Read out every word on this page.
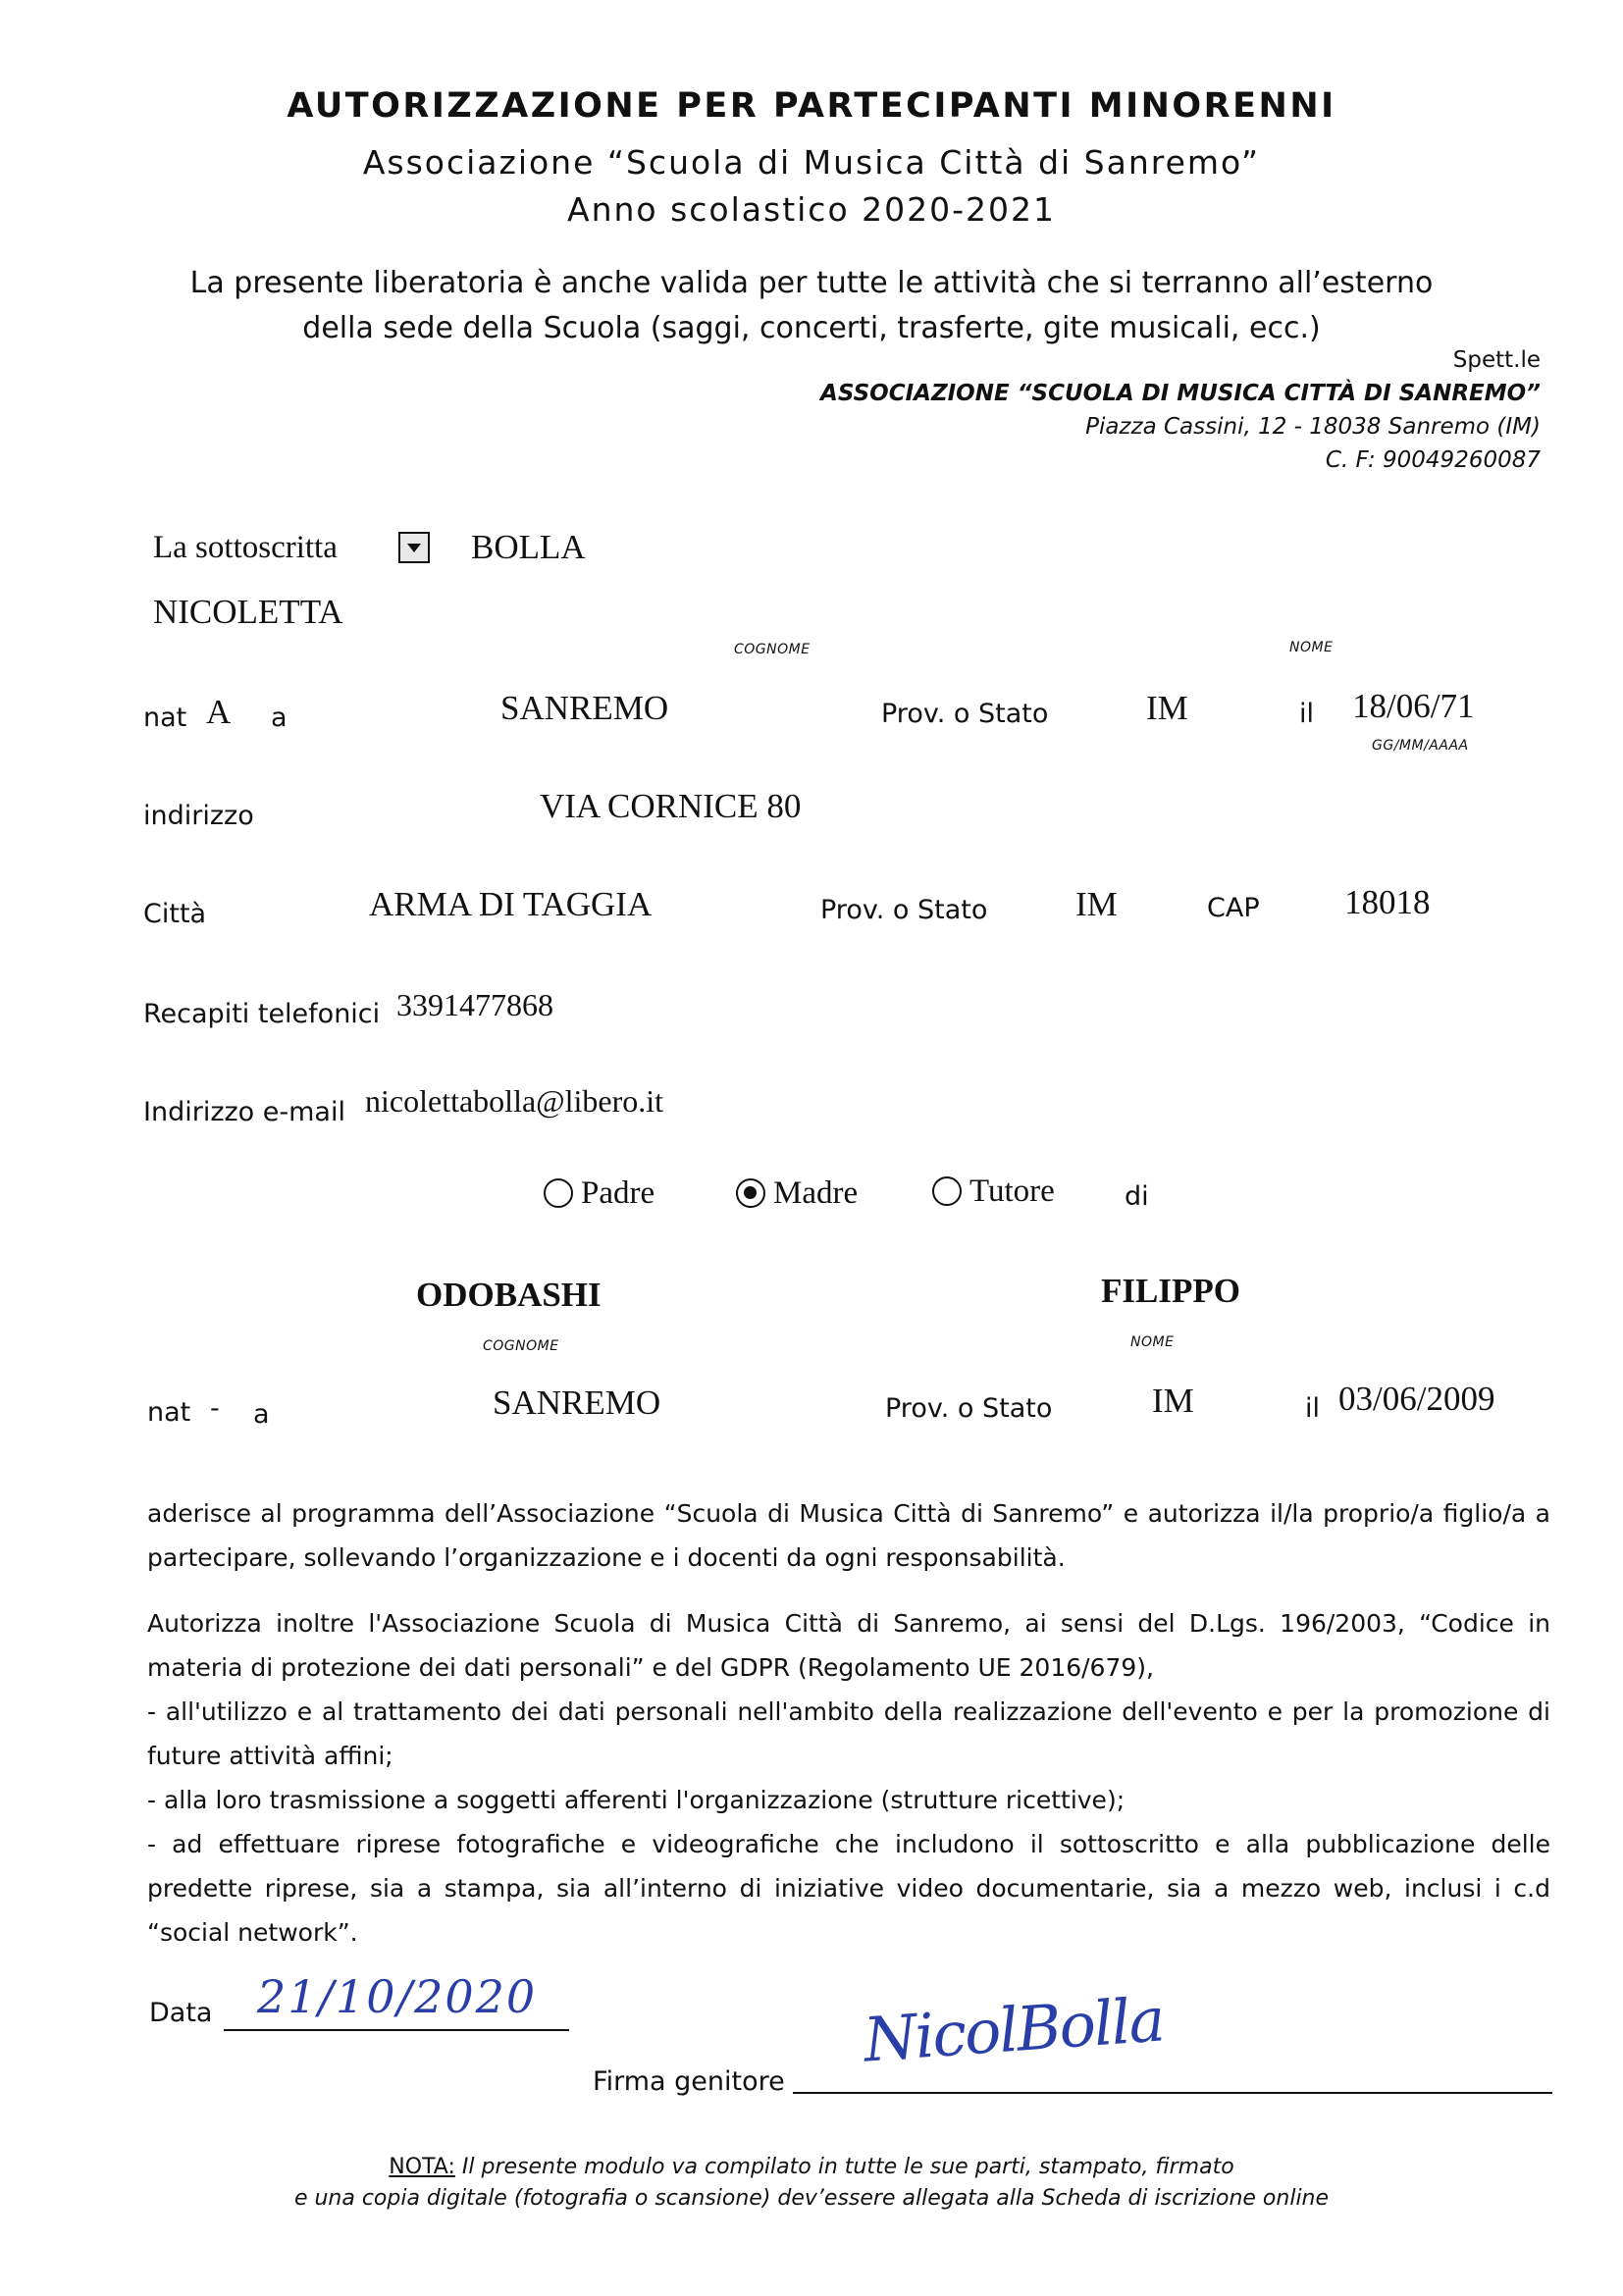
AUTORIZZAZIONE PER PARTECIPANTI MINORENNI
Associazione “Scuola di Musica Città di Sanremo”
Anno scolastico 2020-2021
La presente liberatoria è anche valida per tutte le attività che si terranno all’esterno
della sede della Scuola (saggi, concerti, trasferte, gite musicali, ecc.)
Spett.le
ASSOCIAZIONE “SCUOLA DI MUSICA CITTÀ DI SANREMO”
Piazza Cassini, 12 - 18038 Sanremo (IM)
C. F: 90049260087
La sottoscritta	BOLLA
NICOLETTA
COGNOME	NOME
nat A a	SANREMO	Prov. o Stato	IM	il 18/06/71
GG/MM/AAAA
indirizzo	VIA CORNICE 80
Città	ARMA DI TAGGIA	Prov. o Stato	IM	CAP 18018
Recapiti telefonici 3391477868
Indirizzo e-mail nicolettabolla@libero.it
Padre	Madre	Tutore	di
ODOBASHI	FILIPPO
COGNOME	NOME
nat - a	SANREMO	Prov. o Stato	IM	il 03/06/2009

aderisce al programma dell’Associazione “Scuola di Musica Città di Sanremo” e autorizza il/la proprio/a figlio/a a partecipare, sollevando l’organizzazione e i docenti da ogni responsabilità.

Autorizza inoltre l'Associazione Scuola di Musica Città di Sanremo, ai sensi del D.Lgs. 196/2003, “Codice in materia di protezione dei dati personali” e del GDPR (Regolamento UE 2016/679),

- all'utilizzo e al trattamento dei dati personali nell'ambito della realizzazione dell'evento e per la promozione di future attività affini;

- alla loro trasmissione a soggetti afferenti l'organizzazione (strutture ricettive);

- ad effettuare riprese fotografiche e videografiche che includono il sottoscritto e alla pubblicazione delle predette riprese, sia a stampa, sia all’interno di iniziative video documentarie, sia a mezzo web, inclusi i c.d “social network”.

Data 21/10/2020
Firma genitore
NicolBolla
NOTA: Il presente modulo va compilato in tutte le sue parti, stampato, firmato
e una copia digitale (fotografia o scansione) dev’essere allegata alla Scheda di iscrizione online
